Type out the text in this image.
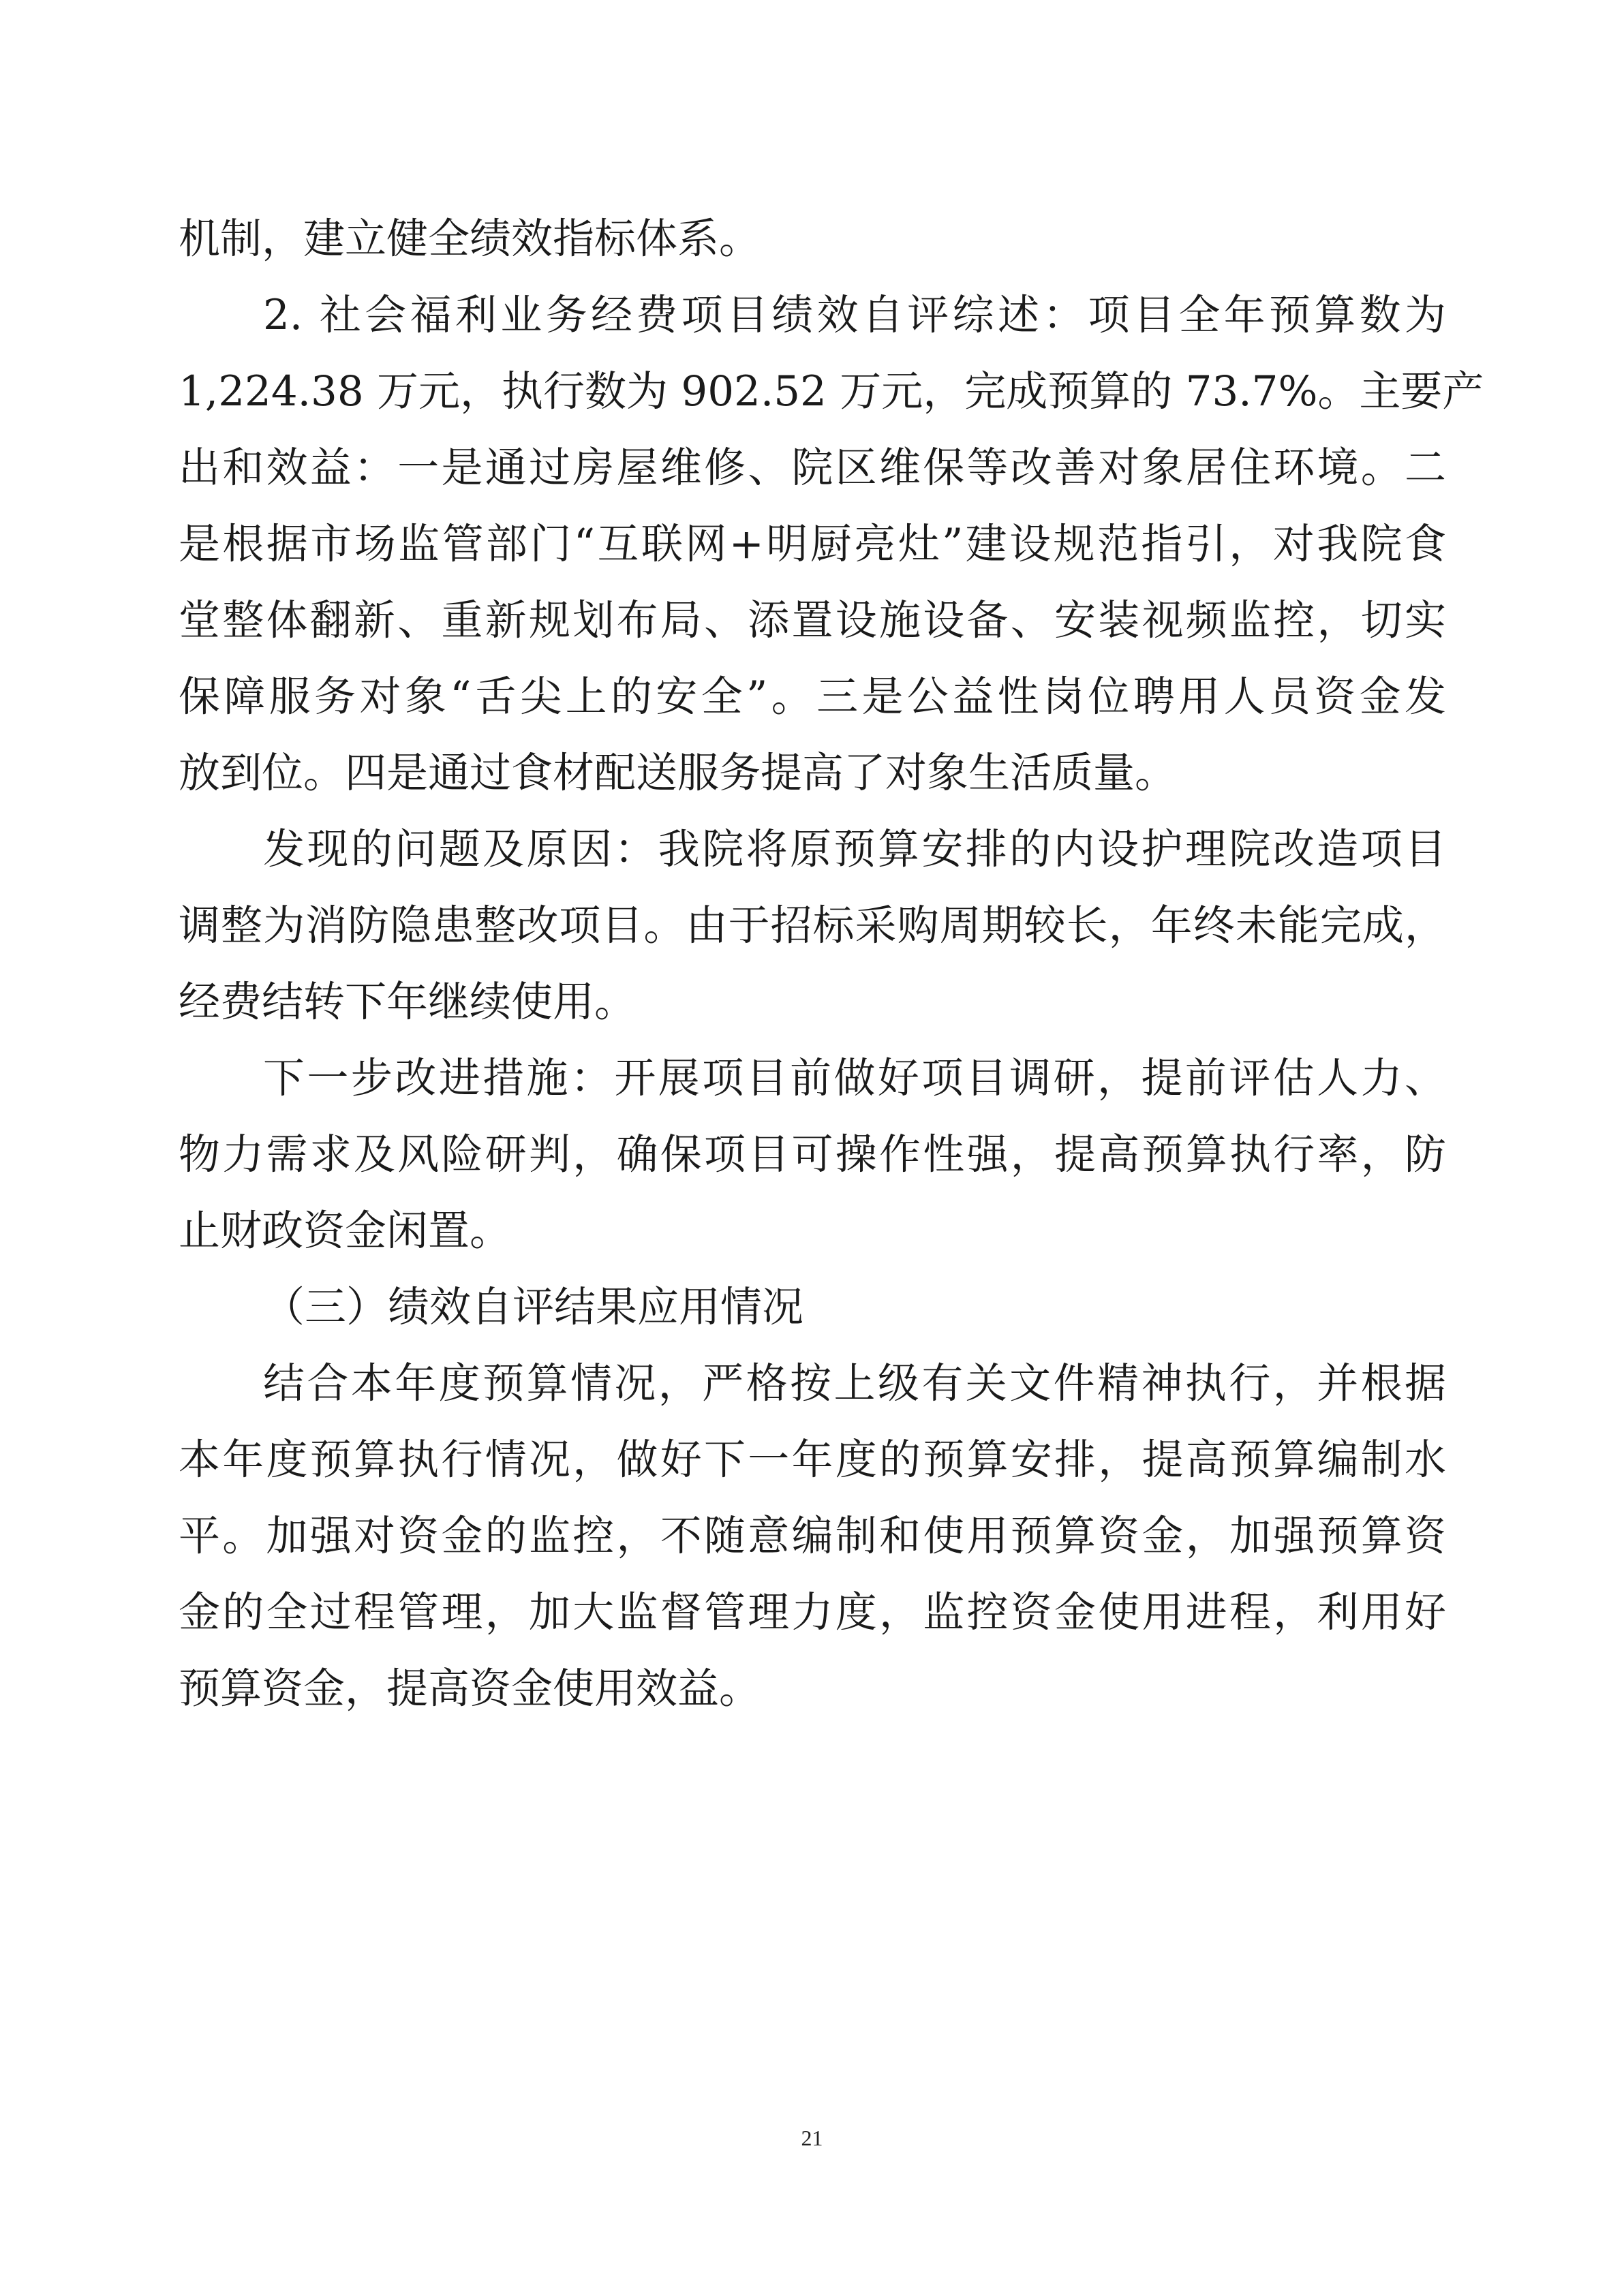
机制，建立健全绩效指标体系。
2. 社会福利业务经费项目绩效自评综述：项目全年预算数为
1,224.38 万元，执行数为 902.52 万元，完成预算的 73.7%。主要产
出和效益：一是通过房屋维修、院区维保等改善对象居住环境。二
是根据市场监管部门“互联网+明厨亮灶”建设规范指引，对我院食
堂整体翻新、重新规划布局、添置设施设备、安装视频监控，切实
保障服务对象“舌尖上的安全”。三是公益性岗位聘用人员资金发
放到位。四是通过食材配送服务提高了对象生活质量。
发现的问题及原因：我院将原预算安排的内设护理院改造项目
调整为消防隐患整改项目。由于招标采购周期较长，年终未能完成，
经费结转下年继续使用。
下一步改进措施：开展项目前做好项目调研，提前评估人力、
物力需求及风险研判，确保项目可操作性强，提高预算执行率，防
止财政资金闲置。
（三）绩效自评结果应用情况
结合本年度预算情况，严格按上级有关文件精神执行，并根据
本年度预算执行情况，做好下一年度的预算安排，提高预算编制水
平。加强对资金的监控，不随意编制和使用预算资金，加强预算资
金的全过程管理，加大监督管理力度，监控资金使用进程，利用好
预算资金，提高资金使用效益。
21
